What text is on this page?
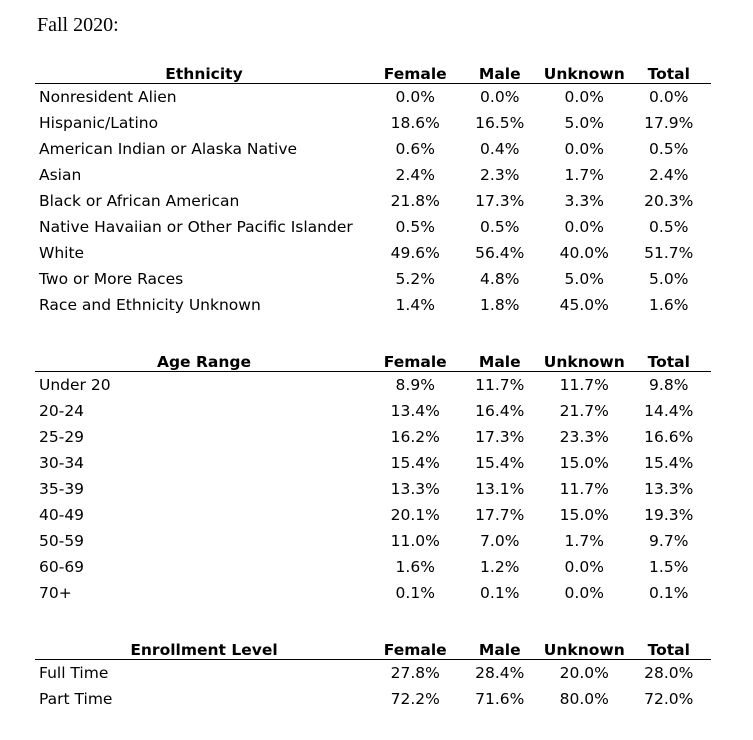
Fall 2020:
Ethnicity	Female	Male	Unknown	Total
Nonresident Alien	0.0%	0.0%	0.0%	0.0%
Hispanic/Latino	18.6%	16.5%	5.0%	17.9%
American Indian or Alaska Native	0.6%	0.4%	0.0%	0.5%
Asian	2.4%	2.3%	1.7%	2.4%
Black or African American	21.8%	17.3%	3.3%	20.3%
Native Havaiian or Other Pacific Islander	0.5%	0.5%	0.0%	0.5%
White	49.6%	56.4%	40.0%	51.7%
Two or More Races	5.2%	4.8%	5.0%	5.0%
Race and Ethnicity Unknown	1.4%	1.8%	45.0%	1.6%
Age Range	Female	Male	Unknown	Total
Under 20	8.9%	11.7%	11.7%	9.8%
20-24	13.4%	16.4%	21.7%	14.4%
25-29	16.2%	17.3%	23.3%	16.6%
30-34	15.4%	15.4%	15.0%	15.4%
35-39	13.3%	13.1%	11.7%	13.3%
40-49	20.1%	17.7%	15.0%	19.3%
50-59	11.0%	7.0%	1.7%	9.7%
60-69	1.6%	1.2%	0.0%	1.5%
70+	0.1%	0.1%	0.0%	0.1%
Enrollment Level	Female	Male	Unknown	Total
Full Time	27.8%	28.4%	20.0%	28.0%
Part Time	72.2%	71.6%	80.0%	72.0%
